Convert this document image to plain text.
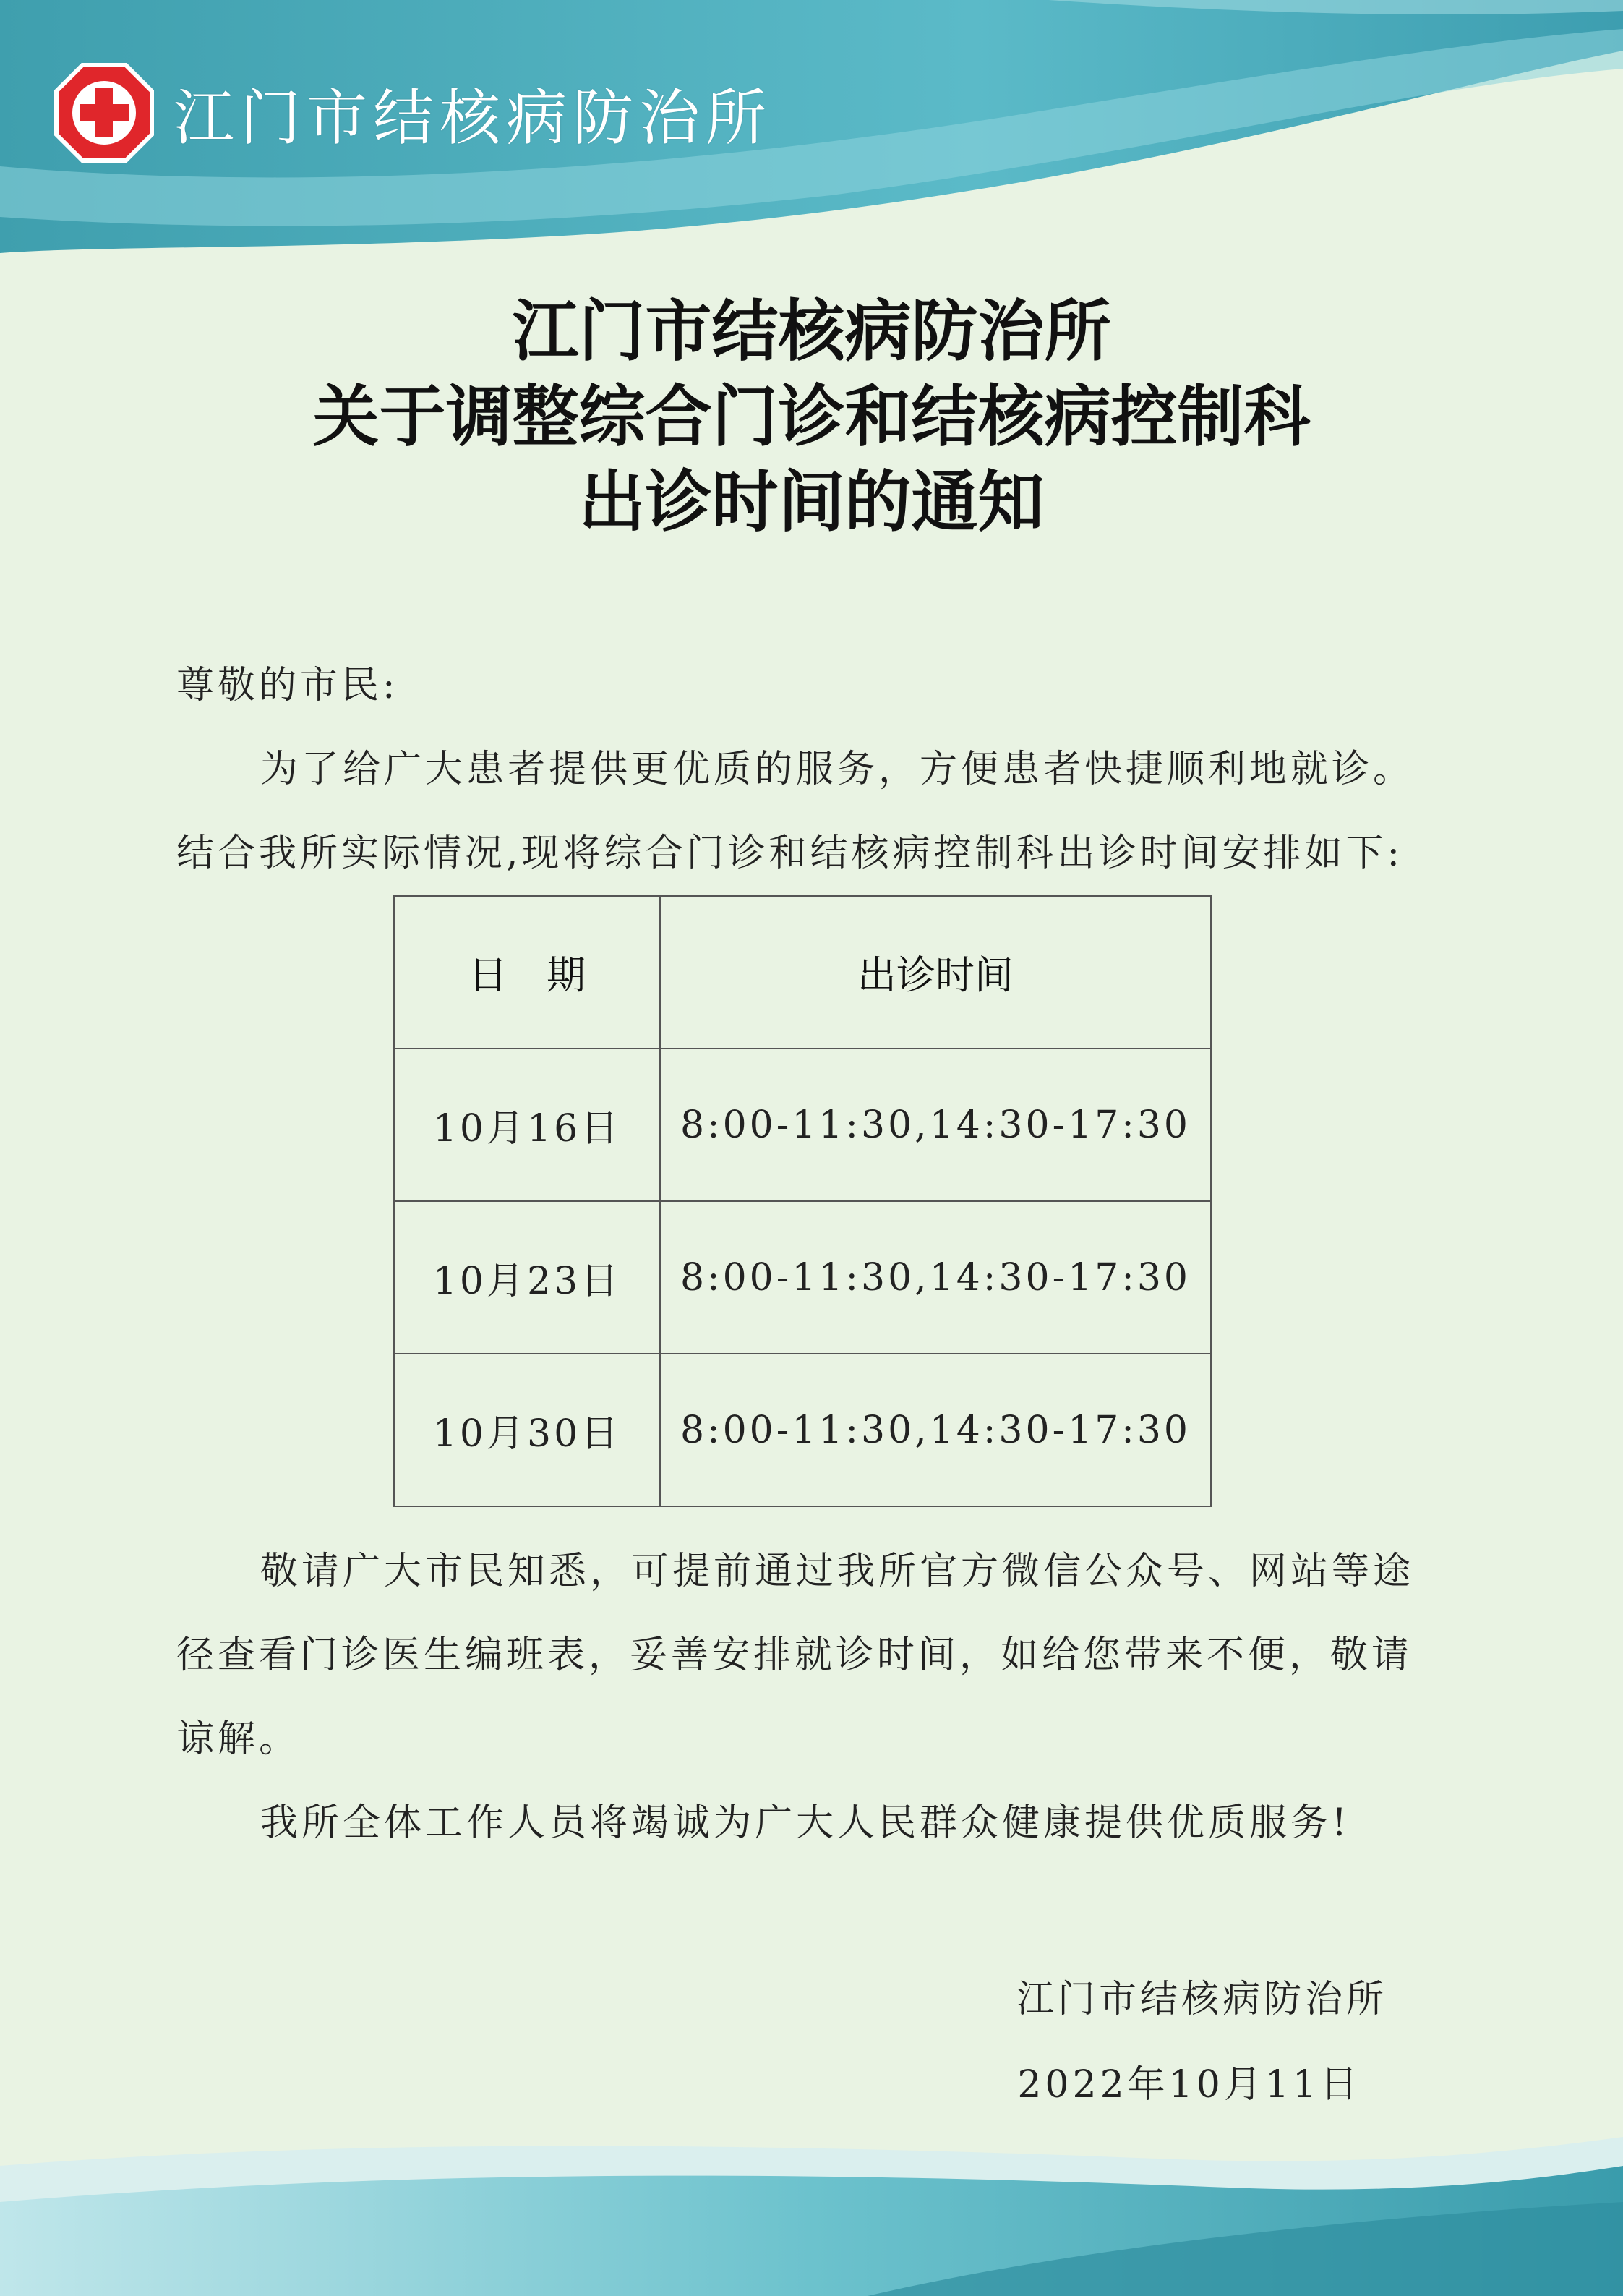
江门市结核病防治所
江门市结核病防治所
关于调整综合门诊和结核病控制科
出诊时间的通知
尊敬的市民:
为了给广大患者提供更优质的服务，方便患者快捷顺利地就诊。结合我所实际情况,现将综合门诊和结核病控制科出诊时间安排如下:
日　期	出诊时间
10月16日	8:00-11:30,14:30-17:30
10月23日	8:00-11:30,14:30-17:30
10月30日	8:00-11:30,14:30-17:30
敬请广大市民知悉，可提前通过我所官方微信公众号、网站等途径查看门诊医生编班表，妥善安排就诊时间，如给您带来不便，敬请谅解。
我所全体工作人员将竭诚为广大人民群众健康提供优质服务!
江门市结核病防治所
2022年10月11日
